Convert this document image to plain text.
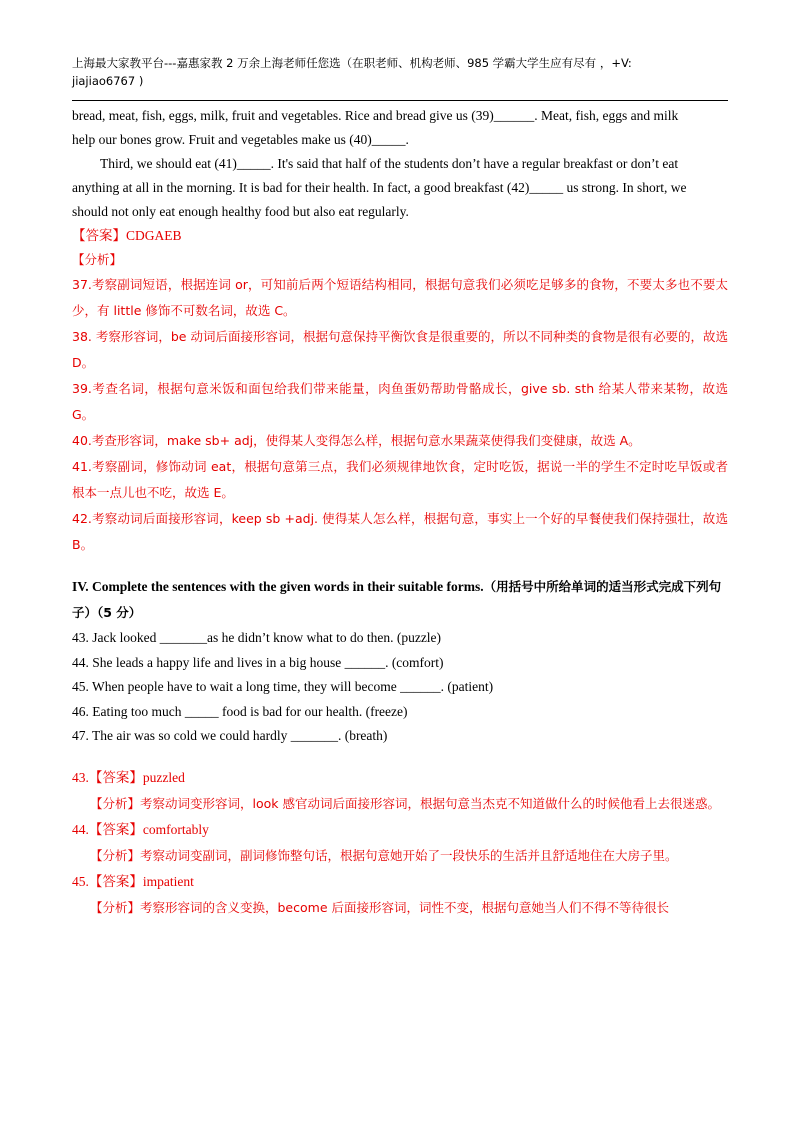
上海最大家教平台---嘉惠家教 2 万余上海老师任您选（在职老师、机构老师、985 学霸大学生应有尽有 ，+V:
jiajiao6767 )

bread, meat, fish, eggs, milk, fruit and vegetables. Rice and bread give us (39)______. Meat, fish, eggs and milk

help our bones grow. Fruit and vegetables make us (40)_____.

Third, we should eat (41)_____. It's said that half of the students don’t have a regular breakfast or don’t eat

anything at all in the morning. It is bad for their health. In fact, a good breakfast (42)_____ us strong. In short, we

should not only eat enough healthy food but also eat regularly.

【答案】CDGAEB

【分析】

37.考察副词短语，根据连词 or，可知前后两个短语结构相同，根据句意我们必须吃足够多的食物，不要太多也不要太少，有 little 修饰不可数名词，故选 C。

38. 考察形容词，be 动词后面接形容词，根据句意保持平衡饮食是很重要的，所以不同种类的食物是很有必要的，故选 D。

39.考查名词，根据句意米饭和面包给我们带来能量，肉鱼蛋奶帮助骨骼成长，give sb. sth 给某人带来某物，故选 G。

40.考查形容词，make sb+ adj，使得某人变得怎么样，根据句意水果蔬菜使得我们变健康，故选 A。

41.考察副词，修饰动词 eat，根据句意第三点，我们必须规律地饮食，定时吃饭，据说一半的学生不定时吃早饭或者根本一点儿也不吃，故选 E。

42.考察动词后面接形容词，keep sb +adj. 使得某人怎么样，根据句意，事实上一个好的早餐使我们保持强壮，故选 B。

IV. Complete the sentences with the given words in their suitable forms.（用括号中所给单词的适当形式完成下列句子）（5 分）

43. Jack looked _______as he didn’t know what to do then. (puzzle)

44. She leads a happy life and lives in a big house ______. (comfort)

45. When people have to wait a long time, they will become ______. (patient)

46. Eating too much _____ food is bad for our health. (freeze)

47. The air was so cold we could hardly _______. (breath)

43.【答案】puzzled

【分析】考察动词变形容词，look 感官动词后面接形容词，根据句意当杰克不知道做什么的时候他看上去很迷惑。

44.【答案】comfortably

【分析】考察动词变副词，副词修饰整句话，根据句意她开始了一段快乐的生活并且舒适地住在大房子里。

45.【答案】impatient

【分析】考察形容词的含义变换，become 后面接形容词，词性不变，根据句意她当人们不得不等待很长
